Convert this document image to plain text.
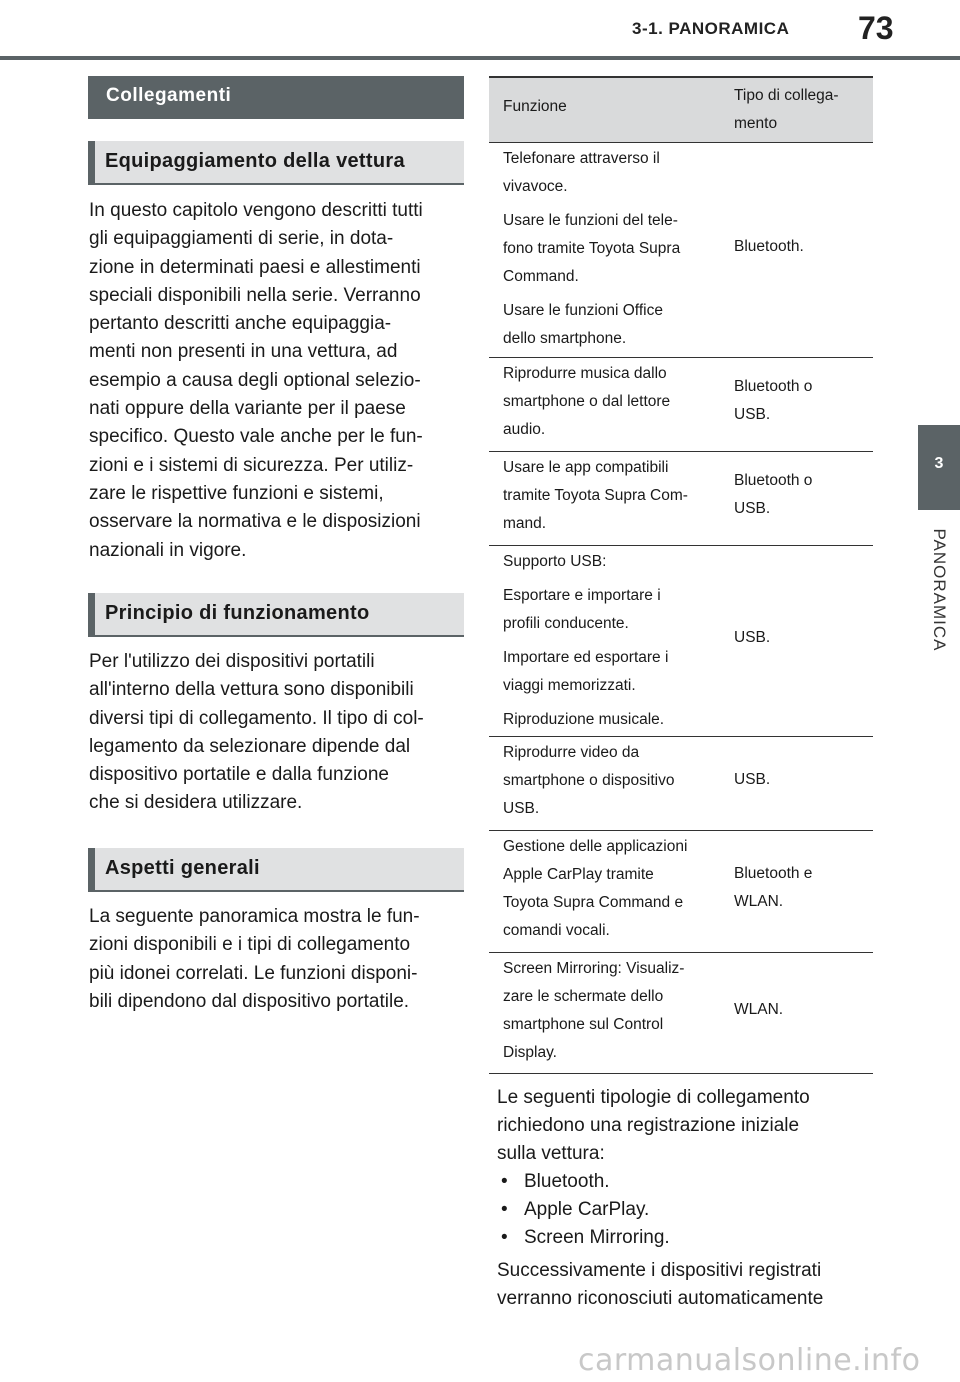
3-1. PANORAMICA 73
3
PANORAMICA
Collegamenti
Equipaggiamento della vettura
In questo capitolo vengono descritti tutti
gli equipaggiamenti di serie, in dota-
zione in determinati paesi e allestimenti
speciali disponibili nella serie. Verranno
pertanto descritti anche equipaggia-
menti non presenti in una vettura, ad
esempio a causa degli optional selezio-
nati oppure della variante per il paese
specifico. Questo vale anche per le fun-
zioni e i sistemi di sicurezza. Per utiliz-
zare le rispettive funzioni e sistemi,
osservare la normativa e le disposizioni
nazionali in vigore.
Principio di funzionamento
Per l'utilizzo dei dispositivi portatili
all'interno della vettura sono disponibili
diversi tipi di collegamento. Il tipo di col-
legamento da selezionare dipende dal
dispositivo portatile e dalla funzione
che si desidera utilizzare.
Aspetti generali
La seguente panoramica mostra le fun-
zioni disponibili e i tipi di collegamento
più idonei correlati. Le funzioni disponi-
bili dipendono dal dispositivo portatile.
Funzione
Tipo di collega-
mento

Telefonare attraverso il
vivavoce.

Usare le funzioni del tele-
fono tramite Toyota Supra
Command.

Usare le funzioni Office
dello smartphone.

Bluetooth.
Riprodurre musica dallo
smartphone o dal lettore
audio.
Bluetooth o
USB.
Usare le app compatibili
tramite Toyota Supra Com-
mand.
Bluetooth o
USB.

Supporto USB:

Esportare e importare i
profili conducente.

Importare ed esportare i
viaggi memorizzati.

Riproduzione musicale.

USB.
Riprodurre video da
smartphone o dispositivo
USB.
USB.
Gestione delle applicazioni
Apple CarPlay tramite
Toyota Supra Command e
comandi vocali.
Bluetooth e
WLAN.
Screen Mirroring: Visualiz-
zare le schermate dello
smartphone sul Control
Display.
WLAN.
Le seguenti tipologie di collegamento
richiedono una registrazione iniziale
sulla vettura:
• Bluetooth.
• Apple CarPlay.
• Screen Mirroring.
Successivamente i dispositivi registrati
verranno riconosciuti automaticamente
carmanualsonline.info
